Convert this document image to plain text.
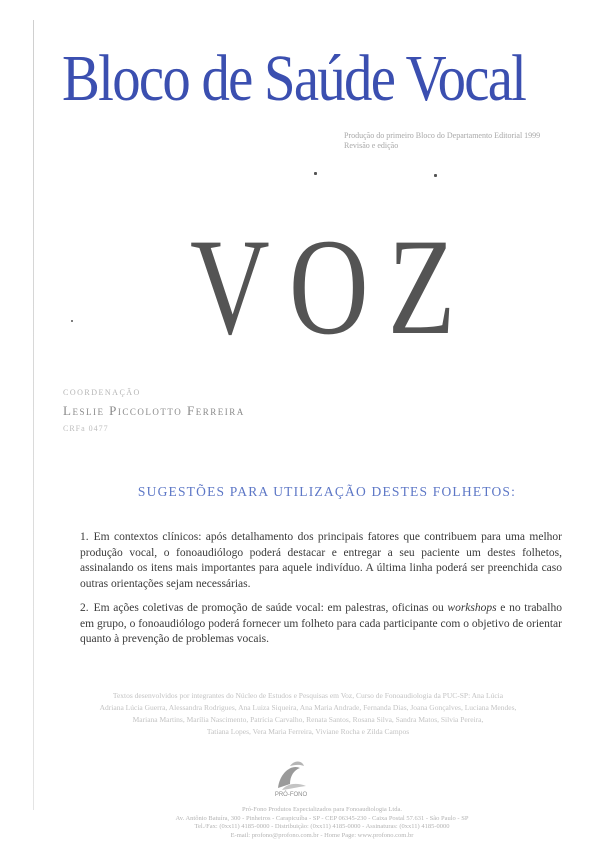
Bloco de Saúde Vocal
Produção do primeiro Bloco do Departamento Editorial 1999
Revisão e edição
VOZ
COORDENAÇÃO
Leslie Piccolotto Ferreira
CRFa 0477
SUGESTÕES PARA UTILIZAÇÃO DESTES FOLHETOS:
1. Em contextos clínicos: após detalhamento dos principais fatores que contribuem para uma melhor produção vocal, o fonoaudiólogo poderá destacar e entregar a seu paciente um destes folhetos, assinalando os itens mais importantes para aquele indivíduo. A última linha poderá ser preenchida caso outras orientações sejam necessárias.
2. Em ações coletivas de promoção de saúde vocal: em palestras, oficinas ou workshops e no trabalho em grupo, o fonoaudiólogo poderá fornecer um folheto para cada participante com o objetivo de orientar quanto à prevenção de problemas vocais.
Textos desenvolvidos por integrantes do Núcleo de Estudos e Pesquisas em Voz, Curso de Fonoaudiologia da PUC-SP: Ana Lúcia
Adriana Lúcia Guerra, Alessandra Rodrigues, Ana Luiza Siqueira, Ana Maria Andrade, Fernanda Dias, Joana Gonçalves, Luciana Mendes,
Mariana Martins, Marília Nascimento, Patrícia Carvalho, Renata Santos, Rosana Silva, Sandra Matos, Silvia Pereira,
Tatiana Lopes, Vera Maria Ferreira, Viviane Rocha e Zilda Campos
PRÓ-FONO
Pró-Fono Produtos Especializados para Fonoaudiologia Ltda.
Av. Antônio Batuíra, 300 - Pinheiros - Carapicuíba - SP - CEP 06345-230 - Caixa Postal 57.631 - São Paulo - SP
Tel./Fax: (0xx11) 4185-0000 - Distribuição: (0xx11) 4185-0000 - Assinaturas: (0xx11) 4185-0000
E-mail: profono@profono.com.br - Home Page: www.profono.com.br
